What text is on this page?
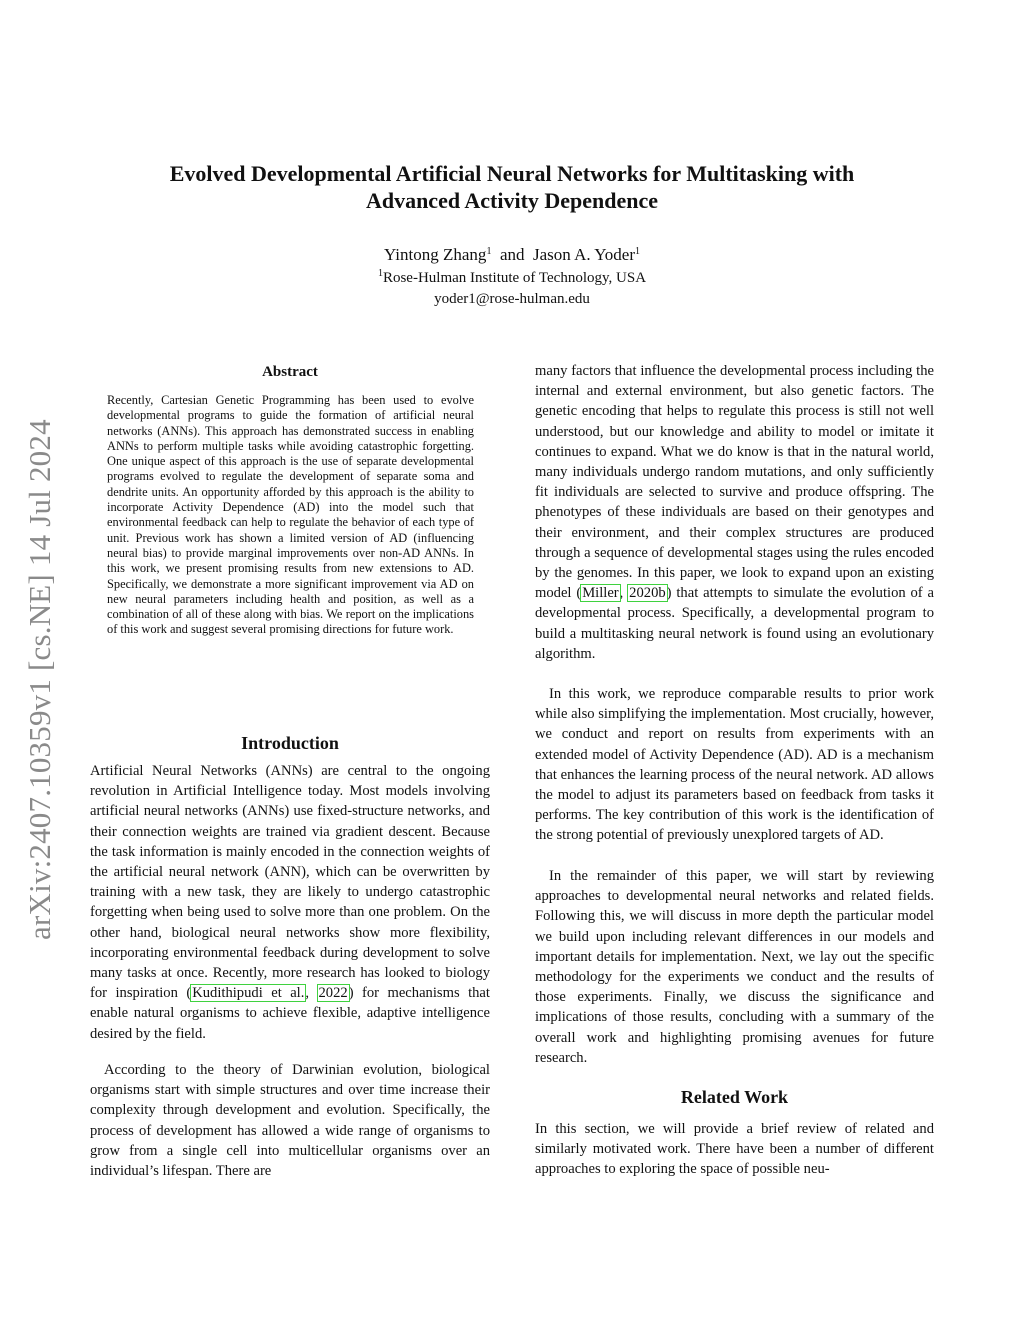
arXiv:2407.10359v1 [cs.NE] 14 Jul 2024
Evolved Developmental Artificial Neural Networks for Multitasking with
Advanced Activity Dependence
Yintong Zhang$^1$ and Jason A. Yoder$^1$
$^1$Rose-Hulman Institute of Technology, USA
yoder1@rose-hulman.edu
Abstract

Recently, Cartesian Genetic Programming has been used to evolve developmental programs to guide the formation of artificial neural networks (ANNs). This approach has demonstrated success in enabling ANNs to perform multiple tasks while avoiding catastrophic forgetting. One unique aspect of this approach is the use of separate developmental programs evolved to regulate the development of separate soma and dendrite units. An opportunity afforded by this approach is the ability to incorporate Activity Dependence (AD) into the model such that environmental feedback can help to regulate the behavior of each type of unit. Previous work has shown a limited version of AD (influencing neural bias) to provide marginal improvements over non-AD ANNs. In this work, we present promising results from new extensions to AD. Specifically, we demonstrate a more significant improvement via AD on new neural parameters including health and position, as well as a combination of all of these along with bias. We report on the implications of this work and suggest several promising directions for future work.

Introduction

Artificial Neural Networks (ANNs) are central to the ongoing revolution in Artificial Intelligence today. Most models involving artificial neural networks (ANNs) use fixed-structure networks, and their connection weights are trained via gradient descent. Because the task information is mainly encoded in the connection weights of the artificial neural network (ANN), which can be overwritten by training with a new task, they are likely to undergo catastrophic forgetting when being used to solve more than one problem. On the other hand, biological neural networks show more flexibility, incorporating environmental feedback during development to solve many tasks at once. Recently, more research has looked to biology for inspiration (Kudithipudi et al., 2022) for mechanisms that enable natural organisms to achieve flexible, adaptive intelligence desired by the field.

According to the theory of Darwinian evolution, biological organisms start with simple structures and over time increase their complexity through development and evolution. Specifically, the process of development has allowed a wide range of organisms to grow from a single cell into multicellular organisms over an individual’s lifespan. There are

many factors that influence the developmental process including the internal and external environment, but also genetic factors. The genetic encoding that helps to regulate this process is still not well understood, but our knowledge and ability to model or imitate it continues to expand. What we do know is that in the natural world, many individuals undergo random mutations, and only sufficiently fit individuals are selected to survive and produce offspring. The phenotypes of these individuals are based on their genotypes and their environment, and their complex structures are produced through a sequence of developmental stages using the rules encoded by the genomes. In this paper, we look to expand upon an existing model (Miller, 2020b) that attempts to simulate the evolution of a developmental process. Specifically, a developmental program to build a multitasking neural network is found using an evolutionary algorithm.

In this work, we reproduce comparable results to prior work while also simplifying the implementation. Most crucially, however, we conduct and report on results from experiments with an extended model of Activity Dependence (AD). AD is a mechanism that enhances the learning process of the neural network. AD allows the model to adjust its parameters based on feedback from tasks it performs. The key contribution of this work is the identification of the strong potential of previously unexplored targets of AD.

In the remainder of this paper, we will start by reviewing approaches to developmental neural networks and related fields. Following this, we will discuss in more depth the particular model we build upon including relevant differences in our models and important details for implementation. Next, we lay out the specific methodology for the experiments we conduct and the results of those experiments. Finally, we discuss the significance and implications of those results, concluding with a summary of the overall work and highlighting promising avenues for future research.

Related Work

In this section, we will provide a brief review of related and similarly motivated work. There have been a number of different approaches to exploring the space of possible neu-
